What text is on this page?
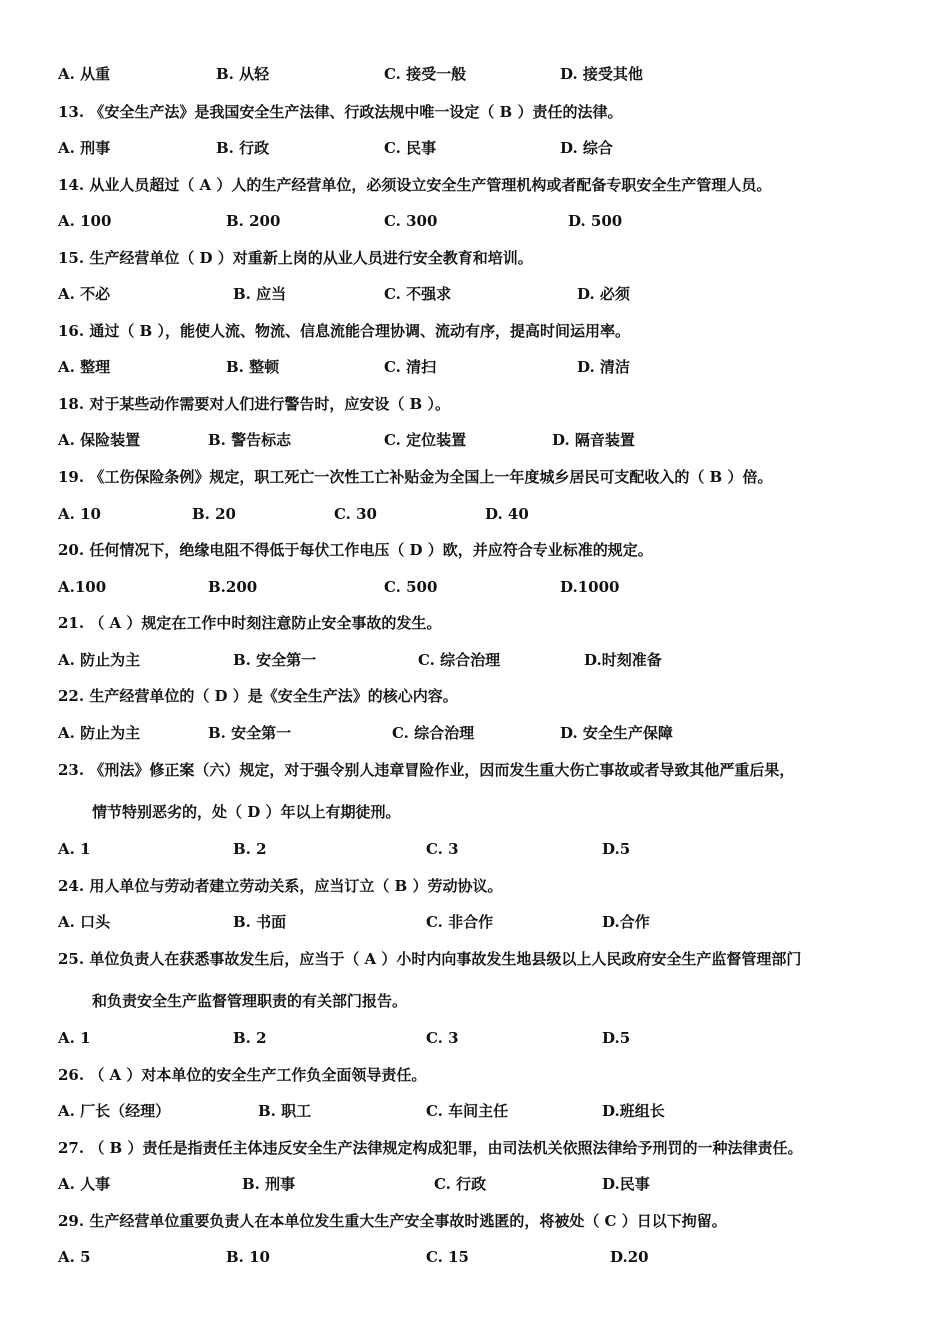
A. 从重	B. 从轻	C. 接受一般	D. 接受其他
13. 《安全生产法》是我国安全生产法律、行政法规中唯一设定（ B ）责任的法律。
A. 刑事	B. 行政	C. 民事	D. 综合
14. 从业人员超过（ A ）人的生产经营单位，必须设立安全生产管理机构或者配备专职安全生产管理人员。
A. 100	B. 200	C. 300	D. 500
15. 生产经营单位（ D ）对重新上岗的从业人员进行安全教育和培训。
A. 不必	B. 应当	C. 不强求	D. 必须
16. 通过（ B ），能使人流、物流、信息流能合理协调、流动有序，提高时间运用率。
A. 整理	B. 整顿	C. 清扫	D. 清洁
18. 对于某些动作需要对人们进行警告时，应安设（ B ）。
A. 保险装置	B. 警告标志	C. 定位装置	D. 隔音装置
19. 《工伤保险条例》规定，职工死亡一次性工亡补贴金为全国上一年度城乡居民可支配收入的（ B ）倍。
A. 10	B. 20	C. 30	D. 40
20. 任何情况下，绝缘电阻不得低于每伏工作电压（ D ）欧，并应符合专业标准的规定。
A.100	B.200	C. 500	D.1000
21. （ A ）规定在工作中时刻注意防止安全事故的发生。
A. 防止为主	B. 安全第一	C. 综合治理	D.时刻准备
22. 生产经营单位的（ D ）是《安全生产法》的核心内容。
A. 防止为主	B. 安全第一	C. 综合治理	D. 安全生产保障
23. 《刑法》修正案（六）规定，对于强令别人违章冒险作业，因而发生重大伤亡事故或者导致其他严重后果，
情节特别恶劣的，处（ D ）年以上有期徒刑。
A. 1	B. 2	C. 3	D.5
24. 用人单位与劳动者建立劳动关系，应当订立（ B ）劳动协议。
A. 口头	B. 书面	C. 非合作	D.合作
25. 单位负责人在获悉事故发生后，应当于（ A ）小时内向事故发生地县级以上人民政府安全生产监督管理部门
和负责安全生产监督管理职责的有关部门报告。
A. 1	B. 2	C. 3	D.5
26. （ A ）对本单位的安全生产工作负全面领导责任。
A. 厂长（经理）	B. 职工	C. 车间主任	D.班组长
27. （ B ）责任是指责任主体违反安全生产法律规定构成犯罪，由司法机关依照法律给予刑罚的一种法律责任。
A. 人事	B. 刑事	C. 行政	D.民事
29. 生产经营单位重要负责人在本单位发生重大生产安全事故时逃匿的，将被处（ C ）日以下拘留。
A. 5	B. 10	C. 15	D.20
